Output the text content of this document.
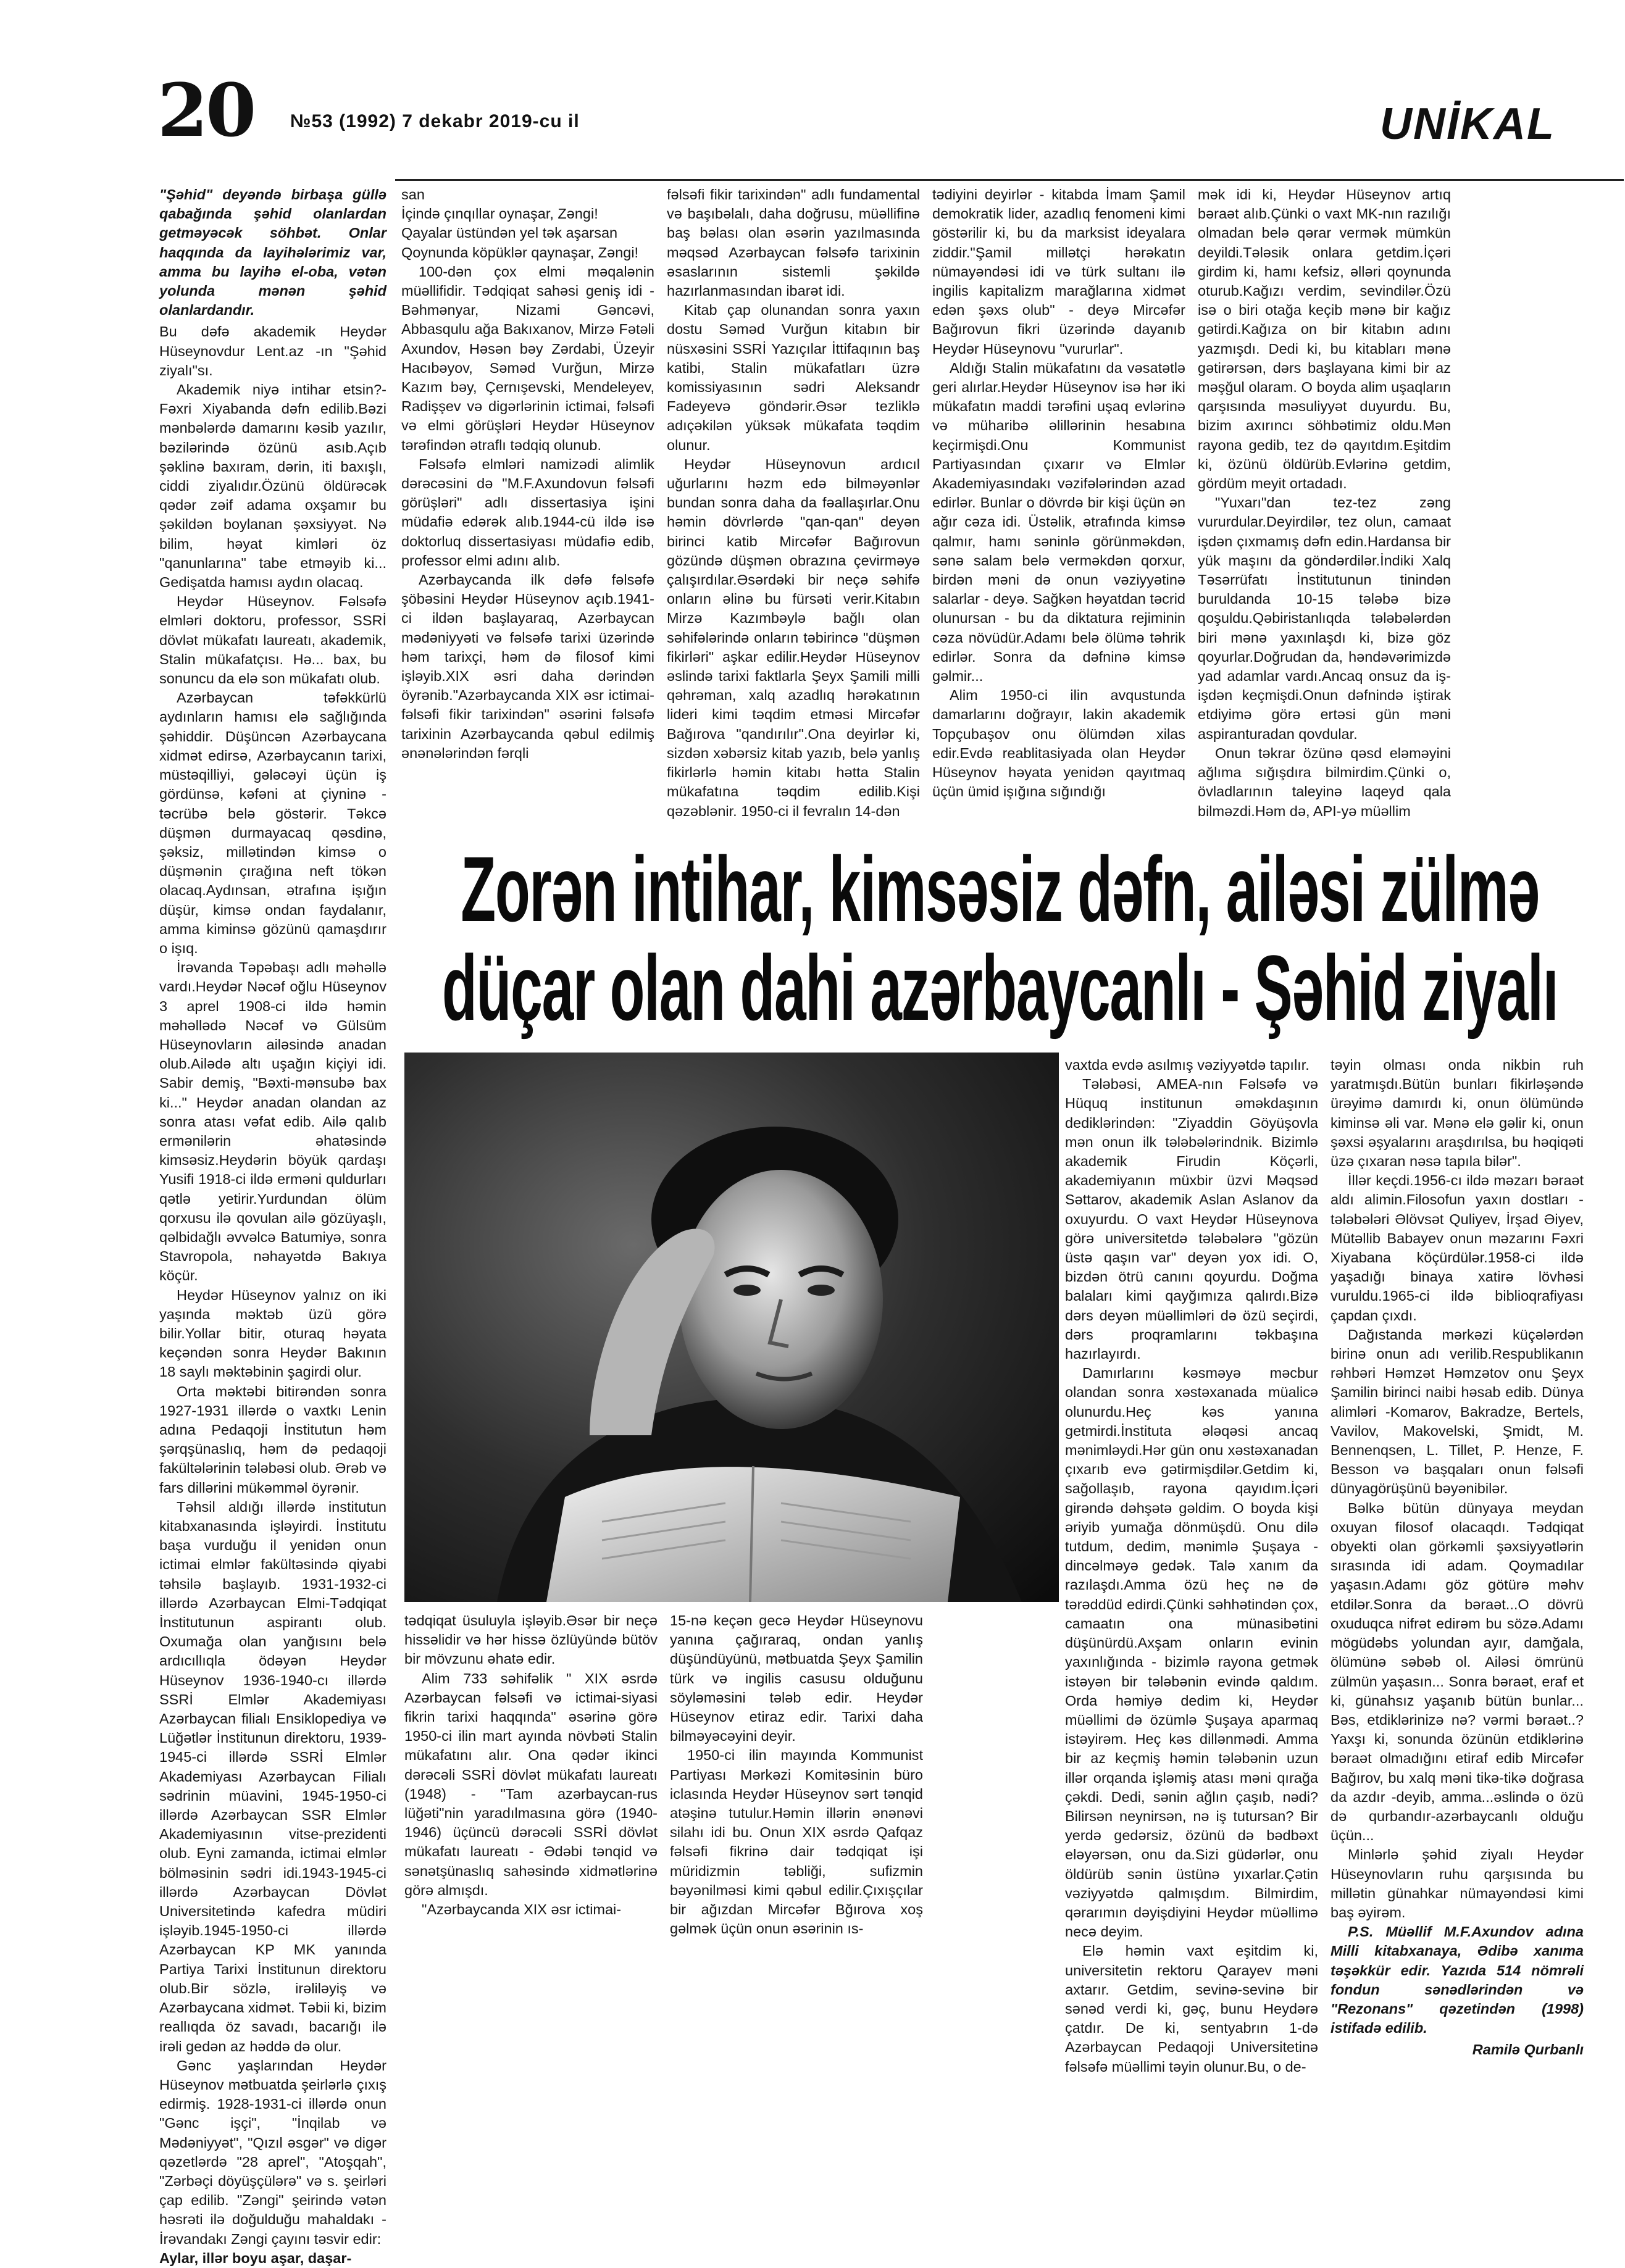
20 №53 (1992) 7 dekabr 2019-cu il	UNİKAL

"Şəhid" deyəndə birbaşa güllə qabağında şəhid olanlardan getməyəcək söhbət. Onlar haqqında da layihələrimiz var, amma bu layihə el-oba, vətən yolunda mənən şəhid olanlardandır.

Bu dəfə akademik Heydər Hüseynovdur Lent.az -ın "Şəhid ziyalı"sı.

Akademik niyə intihar etsin?- Fəxri Xiyabanda dəfn edilib.Bəzi mənbələrdə damarını kəsib yazılır, bəzilərində özünü asıb.Açıb şəklinə baxıram, dərin, iti baxışlı, ciddi ziyalıdır.Özünü öldürəcək qədər zəif adama oxşamır bu şəkildən boylanan şəxsiyyət. Nə bilim, həyat kimləri öz "qanunlarına" tabe etməyib ki... Gedişatda hamısı aydın olacaq.

Heydər Hüseynov. Fəlsəfə elmləri doktoru, professor, SSRİ dövlət mükafatı laureatı, akademik, Stalin mükafatçısı. Hə... bax, bu sonuncu da elə son mükafatı olub.

Azərbaycan təfəkkürlü aydınların hamısı elə sağlığında şəhiddir. Düşüncən Azərbaycana xidmət edirsə, Azərbaycanın tarixi, müstəqilliyi, gələcəyi üçün iş gördünsə, kəfəni at çiyninə - təcrübə belə göstərir. Təkcə düşmən durmayacaq qəsdinə, şəksiz, millətindən kimsə o düşmənin çırağına neft tökən olacaq.Aydınsan, ətrafına işığın düşür, kimsə ondan faydalanır, amma kiminsə gözünü qamaşdırır o işıq.

İrəvanda Təpəbaşı adlı məhəllə vardı.Heydər Nəcəf oğlu Hüseynov 3 aprel 1908-ci ildə həmin məhəllədə Nəcəf və Gülsüm Hüseynovların ailəsində anadan olub.Ailədə altı uşağın kiçiyi idi. Sabir demiş, "Bəxti-mənsubə bax ki..." Heydər anadan olandan az sonra atası vəfat edib. Ailə qalıb ermənilərin əhatəsində kimsəsiz.Heydərin böyük qardaşı Yusifi 1918-ci ildə erməni quldurları qətlə yetirir.Yurdundan ölüm qorxusu ilə qovulan ailə gözüyaşlı, qəlbidağlı əvvəlcə Batumiyə, sonra Stavropola, nəhayətdə Bakıya köçür.

Heydər Hüseynov yalnız on iki yaşında məktəb üzü görə bilir.Yollar bitir, oturaq həyata keçəndən sonra Heydər Bakının 18 saylı məktəbinin şagirdi olur.

Orta məktəbi bitirəndən sonra 1927-1931 illərdə o vaxtkı Lenin adına Pedaqoji İnstitutun həm şərqşünaslıq, həm də pedaqoji fakültələrinin tələbəsi olub. Ərəb və fars dillərini mükəmməl öyrənir.

Təhsil aldığı illərdə institutun kitabxanasında işləyirdi. İnstitutu başa vurduğu il yenidən onun ictimai elmlər fakültəsində qiyabi təhsilə başlayıb. 1931-1932-ci illərdə Azərbaycan Elmi-Tədqiqat İnstitutunun aspirantı olub. Oxumağa olan yanğısını belə ardıcıllıqla ödəyən Heydər Hüseynov 1936-1940-cı illərdə SSRİ Elmlər Akademiyası Azərbaycan filialı Ensiklopediya və Lüğətlər İnstitunun direktoru, 1939-1945-ci illərdə SSRİ Elmlər Akademiyası Azərbaycan Filialı sədrinin müavini, 1945-1950-ci illərdə Azərbaycan SSR Elmlər Akademiyasının vitse-prezidenti olub. Eyni zamanda, ictimai elmlər bölməsinin sədri idi.1943-1945-ci illərdə Azərbaycan Dövlət Universitetində kafedra müdiri işləyib.1945-1950-ci illərdə Azərbaycan KP MK yanında Partiya Tarixi İnstitunun direktoru olub.Bir sözlə, irəliləyiş və Azərbaycana xidmət. Təbii ki, bizim reallıqda öz savadı, bacarığı ilə irəli gedən az həddə də olur.

Gənc yaşlarından Heydər Hüseynov mətbuatda şeirlərlə çıxış edirmiş. 1928-1931-ci illərdə onun "Gənc işçi", "İnqilab və Mədəniyyət", "Qızıl əsgər" və digər qəzetlərdə "28 aprel", "Atoşqah", "Zərbəçi döyüşçülərə" və s. şeirləri çap edilib. "Zəngi" şeirində vətən həsrəti ilə doğulduğu mahaldakı - İrəvandakı Zəngi çayını təsvir edir:

Aylar, illər boyu aşar, daşar-

san

İçində çınqıllar oynaşar, Zəngi!

Qayalar üstündən yel tək aşarsan

Qoynunda köpüklər qaynaşar, Zəngi!

100-dən çox elmi məqalənin müəllifidir. Tədqiqat sahəsi geniş idi - Bəhmənyar, Nizami Gəncəvi, Abbasqulu ağa Bakıxanov, Mirzə Fətəli Axundov, Həsən bəy Zərdabi, Üzeyir Hacıbəyov, Səməd Vurğun, Mirzə Kazım bəy, Çernışevski, Mendeleyev, Radişşev və digərlərinin ictimai, fəlsəfi və elmi görüşləri Heydər Hüseynov tərəfindən ətraflı tədqiq olunub.

Fəlsəfə elmləri namizədi alimlik dərəcəsini də "M.F.Axundovun fəlsəfi görüşləri" adlı dissertasiya işini müdafiə edərək alıb.1944-cü ildə isə doktorluq dissertasiyası müdafiə edib, professor elmi adını alıb.

Azərbaycanda ilk dəfə fəlsəfə şöbəsini Heydər Hüseynov açıb.1941-ci ildən başlayaraq, Azərbaycan mədəniyyəti və fəlsəfə tarixi üzərində həm tarixçi, həm də filosof kimi işləyib.XIX əsri daha dərindən öyrənib."Azərbaycanda XIX əsr ictimai-fəlsəfi fikir tarixindən" əsərini fəlsəfə tarixinin Azərbaycanda qəbul edilmiş ənənələrindən fərqli

fəlsəfi fikir tarixindən" adlı fundamental və başıbəlalı, daha doğrusu, müəllifinə baş bəlası olan əsərin yazılmasında məqsəd Azərbaycan fəlsəfə tarixinin əsaslarının sistemli şəkildə hazırlanmasından ibarət idi.

Kitab çap olunandan sonra yaxın dostu Səməd Vurğun kitabın bir nüsxəsini SSRİ Yazıçılar İttifaqının baş katibi, Stalin mükafatları üzrə komissiyasının sədri Aleksandr Fadeyevə göndərir.Əsər tezliklə adıçəkilən yüksək mükafata təqdim olunur.

Heydər Hüseynovun ardıcıl uğurlarını həzm edə bilməyənlər bundan sonra daha da fəallaşırlar.Onu həmin dövrlərdə "qan-qan" deyən birinci katib Mircəfər Bağırovun gözündə düşmən obrazına çevirməyə çalışırdılar.Əsərdəki bir neçə səhifə onların əlinə bu fürsəti verir.Kitabın Mirzə Kazımbəylə bağlı olan səhifələrində onların təbirincə "düşmən fikirləri" aşkar edilir.Heydər Hüseynov əslində tarixi faktlarla Şeyx Şamili milli qəhrəman, xalq azadlıq hərəkatının lideri kimi təqdim etməsi Mircəfər Bağırova "qandırılır".Ona deyirlər ki, sizdən xəbərsiz kitab yazıb, belə yanlış fikirlərlə həmin kitabı hətta Stalin mükafatına təqdim edilib.Kişi qəzəblənir. 1950-ci il fevralın 14-dən

tədiyini deyirlər - kitabda İmam Şamil demokratik lider, azadlıq fenomeni kimi göstərilir ki, bu da marksist ideyalara ziddir."Şamil millətçi hərəkatın nümayəndəsi idi və türk sultanı ilə ingilis kapitalizm marağlarına xidmət edən şəxs olub" - deyə Mircəfər Bağırovun fikri üzərində dayanıb Heydər Hüseynovu "vururlar".

Aldığı Stalin mükafatını da vəsatətlə geri alırlar.Heydər Hüseynov isə hər iki mükafatın maddi tərəfini uşaq evlərinə və müharibə əlillərinin hesabına keçirmişdi.Onu Kommunist Partiyasından çıxarır və Elmlər Akademiyasındakı vəzifələrindən azad edirlər. Bunlar o dövrdə bir kişi üçün ən ağır cəza idi. Üstəlik, ətrafında kimsə qalmır, hamı səninlə görünməkdən, sənə salam belə verməkdən qorxur, birdən məni də onun vəziyyətinə salarlar - deyə. Sağkən həyatdan təcrid olunursan - bu da diktatura rejiminin cəza növüdür.Adamı belə ölümə təhrik edirlər. Sonra da dəfninə kimsə gəlmir...

Alim 1950-ci ilin avqustunda damarlarını doğrayır, lakin akademik Topçubaşov onu ölümdən xilas edir.Evdə reablitasiyada olan Heydər Hüseynov həyata yenidən qayıtmaq üçün ümid işığına sığındığı

mək idi ki, Heydər Hüseynov artıq bəraət alıb.Çünki o vaxt MK-nın razılığı olmadan belə qərar vermək mümkün deyildi.Tələsik onlara getdim.İçəri girdim ki, hamı kefsiz, əlləri qoynunda oturub.Kağızı verdim, sevindilər.Özü isə o biri otağa keçib mənə bir kağız gətirdi.Kağıza on bir kitabın adını yazmışdı. Dedi ki, bu kitabları mənə gətirərsən, dərs başlayana kimi bir az məşğul olaram. O boyda alim uşaqların qarşısında məsuliyyət duyurdu. Bu, bizim axırıncı söhbətimiz oldu.Mən rayona gedib, tez də qayıtdım.Eşitdim ki, özünü öldürüb.Evlərinə getdim, gördüm meyit ortadadı.

"Yuxarı"dan tez-tez zəng vururdular.Deyirdilər, tez olun, camaat işdən çıxmamış dəfn edin.Hardansa bir yük maşını da göndərdilər.İndiki Xalq Təsərrüfatı İnstitutunun tinindən buruldanda 10-15 tələbə bizə qoşuldu.Qəbiristanlıqda tələbələrdən biri mənə yaxınlaşdı ki, bizə göz qoyurlar.Doğrudan da, həndəvərimizdə yad adamlar vardı.Ancaq onsuz da iş-işdən keçmişdi.Onun dəfnində iştirak etdiyimə görə ertəsi gün məni aspiranturadan qovdular.

Onun təkrar özünə qəsd eləməyini ağlıma sığışdıra bilmirdim.Çünki o, övladlarının taleyinə laqeyd qala bilməzdi.Həm də, API-yə müəllim

Zorən intihar, kimsəsiz dəfn, ailəsi zülmə
düçar olan dahi azərbaycanlı - Şəhid ziyalı

tədqiqat üsuluyla işləyib.Əsər bir neçə hissəlidir və hər hissə özlüyündə bütöv bir mövzunu əhatə edir.

Alim 733 səhifəlik " XIX əsrdə Azərbaycan fəlsəfi və ictimai-siyasi fikrin tarixi haqqında" əsərinə görə 1950-ci ilin mart ayında növbəti Stalin mükafatını alır. Ona qədər ikinci dərəcəli SSRİ dövlət mükafatı laureatı (1948) - "Tam azərbaycan-rus lüğəti"nin yaradılmasına görə (1940-1946) üçüncü dərəcəli SSRİ dövlət mükafatı laureatı - Ədəbi tənqid və sənətşünaslıq sahəsində xidmətlərinə görə almışdı.

"Azərbaycanda XIX əsr ictimai-

15-nə keçən gecə Heydər Hüseynovu yanına çağıraraq, ondan yanlış düşündüyünü, mətbuatda Şeyx Şamilin türk və ingilis casusu olduğunu söyləməsini tələb edir. Heydər Hüseynov etiraz edir. Tarixi daha bilməyəcəyini deyir.

1950-ci ilin mayında Kommunist Partiyası Mərkəzi Komitəsinin büro iclasında Heydər Hüseynov sərt tənqid atəşinə tutulur.Həmin illərin ənənəvi silahı idi bu. Onun XIX əsrdə Qafqaz fəlsəfi fikrinə dair tədqiqat işi müridizmin təbliği, sufizmin bəyənilməsi kimi qəbul edilir.Çıxışçılar bir ağızdan Mircəfər Bğırova xoş gəlmək üçün onun əsərinin ıs-

vaxtda evdə asılmış vəziyyətdə tapılır.

Tələbəsi, AMEA-nın Fəlsəfə və Hüquq institunun əməkdaşının dediklərindən: "Ziyaddin Göyüşovla mən onun ilk tələbələrindnik. Bizimlə akademik Firudin Köçərli, akademiyanın müxbir üzvi Məqsəd Səttarov, akademik Aslan Aslanov da oxuyurdu. O vaxt Heydər Hüseynova görə universitetdə tələbələrə "gözün üstə qaşın var" deyən yox idi. O, bizdən ötrü canını qoyurdu. Doğma balaları kimi qayğımıza qalırdı.Bizə dərs deyən müəllimləri də özü seçirdi, dərs proqramlarını təkbaşına hazırlayırdı.

Damırlarını kəsməyə məcbur olandan sonra xəstəxanada müalicə olunurdu.Heç kəs yanına getmirdi.İnstituta ələqəsi ancaq mənimləydi.Hər gün onu xəstəxanadan çıxarıb evə gətirmişdilər.Getdim ki, sağollaşıb, rayona qayıdım.İçəri girəndə dəhşətə gəldim. O boyda kişi əriyib yumağa dönmüşdü. Onu dilə tutdum, dedim, mənimlə Şuşaya - dincəlməyə gedək. Talə xanım da razılaşdı.Amma özü heç nə də tərəddüd edirdi.Çünki səhhətindən çox, camaatın ona münasibətini düşünürdü.Axşam onların evinin yaxınlığında - bizimlə rayona getmək istəyən bir tələbənin evində qaldım. Orda həmiyə dedim ki, Heydər müəllimi də özümlə Şuşaya aparmaq istəyirəm. Heç kəs dillənmədi. Amma bir az keçmiş həmin tələbənin uzun illər orqanda işləmiş atası məni qırağa çəkdi. Dedi, sənin ağlın çaşıb, nədi? Bilirsən neynirsən, nə iş tutursan? Bir yerdə gedərsiz, özünü də bədbəxt eləyərsən, onu da.Sizi güdərlər, onu öldürüb sənin üstünə yıxarlar.Çətin vəziyyətdə qalmışdım. Bilmirdim, qərarımın dəyişdiyini Heydər müəllimə necə deyim.

Elə həmin vaxt eşitdim ki, universitetin rektoru Qarayev məni axtarır. Getdim, sevinə-sevinə bir sənəd verdi ki, gəç, bunu Heydərə çatdır. De ki, sentyabrın 1-də Azərbaycan Pedaqoji Universitetinə fəlsəfə müəllimi təyin olunur.Bu, o de-

təyin olması onda nikbin ruh yaratmışdı.Bütün bunları fikirləşəndə ürəyimə damırdı ki, onun ölümündə kiminsə əli var. Mənə elə gəlir ki, onun şəxsi əşyalarını araşdırılsa, bu həqiqəti üzə çıxaran nəsə tapıla bilər".

İllər keçdi.1956-cı ildə məzarı bəraət aldı alimin.Filosofun yaxın dostları - tələbələri Əlövsət Quliyev, İrşad Əiyev, Mütəllib Babayev onun məzarını Fəxri Xiyabana köçürdülər.1958-ci ildə yaşadığı binaya xatirə lövhəsi vuruldu.1965-ci ildə biblioqrafiyası çapdan çıxdı.

Dağıstanda mərkəzi küçələrdən birinə onun adı verilib.Respublikanın rəhbəri Həmzət Həmzətov onu Şeyx Şamilin birinci naibi həsab edib. Dünya alimləri -Komarov, Bakradze, Bertels, Vavilov, Makovelski, Şmidt, M. Bennenqsen, L. Tillet, P. Henze, F. Besson və başqaları onun fəlsəfi dünyagörüşünü bəyənibilər.

Bəlkə bütün dünyaya meydan oxuyan filosof olacaqdı. Tədqiqat obyekti olan görkəmli şəxsiyyətlərin sırasında idi adam. Qoymadılar yaşasın.Adamı göz götürə məhv etdilər.Sonra da bəraət...O dövrü oxuduqca nifrət edirəm bu sözə.Adamı mögüdəbs yolundan ayır, damğala, ölümünə səbəb ol. Ailəsi ömrünü zülmün yaşasın... Sonra bəraət, eraf et ki, günahsız yaşanıb bütün bunlar... Bəs, etdiklərinizə nə? vərmi bəraət..? Yaxşı ki, sonunda özünün etdiklərinə bəraət olmadığını etiraf edib Mircəfər Bağırov, bu xalq məni tikə-tikə doğrasa da azdır -deyib, amma...əslində o özü də qurbandır-azərbaycanlı olduğu üçün...

Minlərlə şəhid ziyalı Heydər Hüseynovların ruhu qarşısında bu millətin günahkar nümayəndəsi kimi baş əyirəm.

P.S. Müəllif M.F.Axundov adına Milli kitabxanaya, Ədibə xanıma təşəkkür edir. Yazıda 514 nömrəli fondun sənədlərindən və "Rezonans" qəzetindən (1998) istifadə edilib.

Ramilə Qurbanlı
